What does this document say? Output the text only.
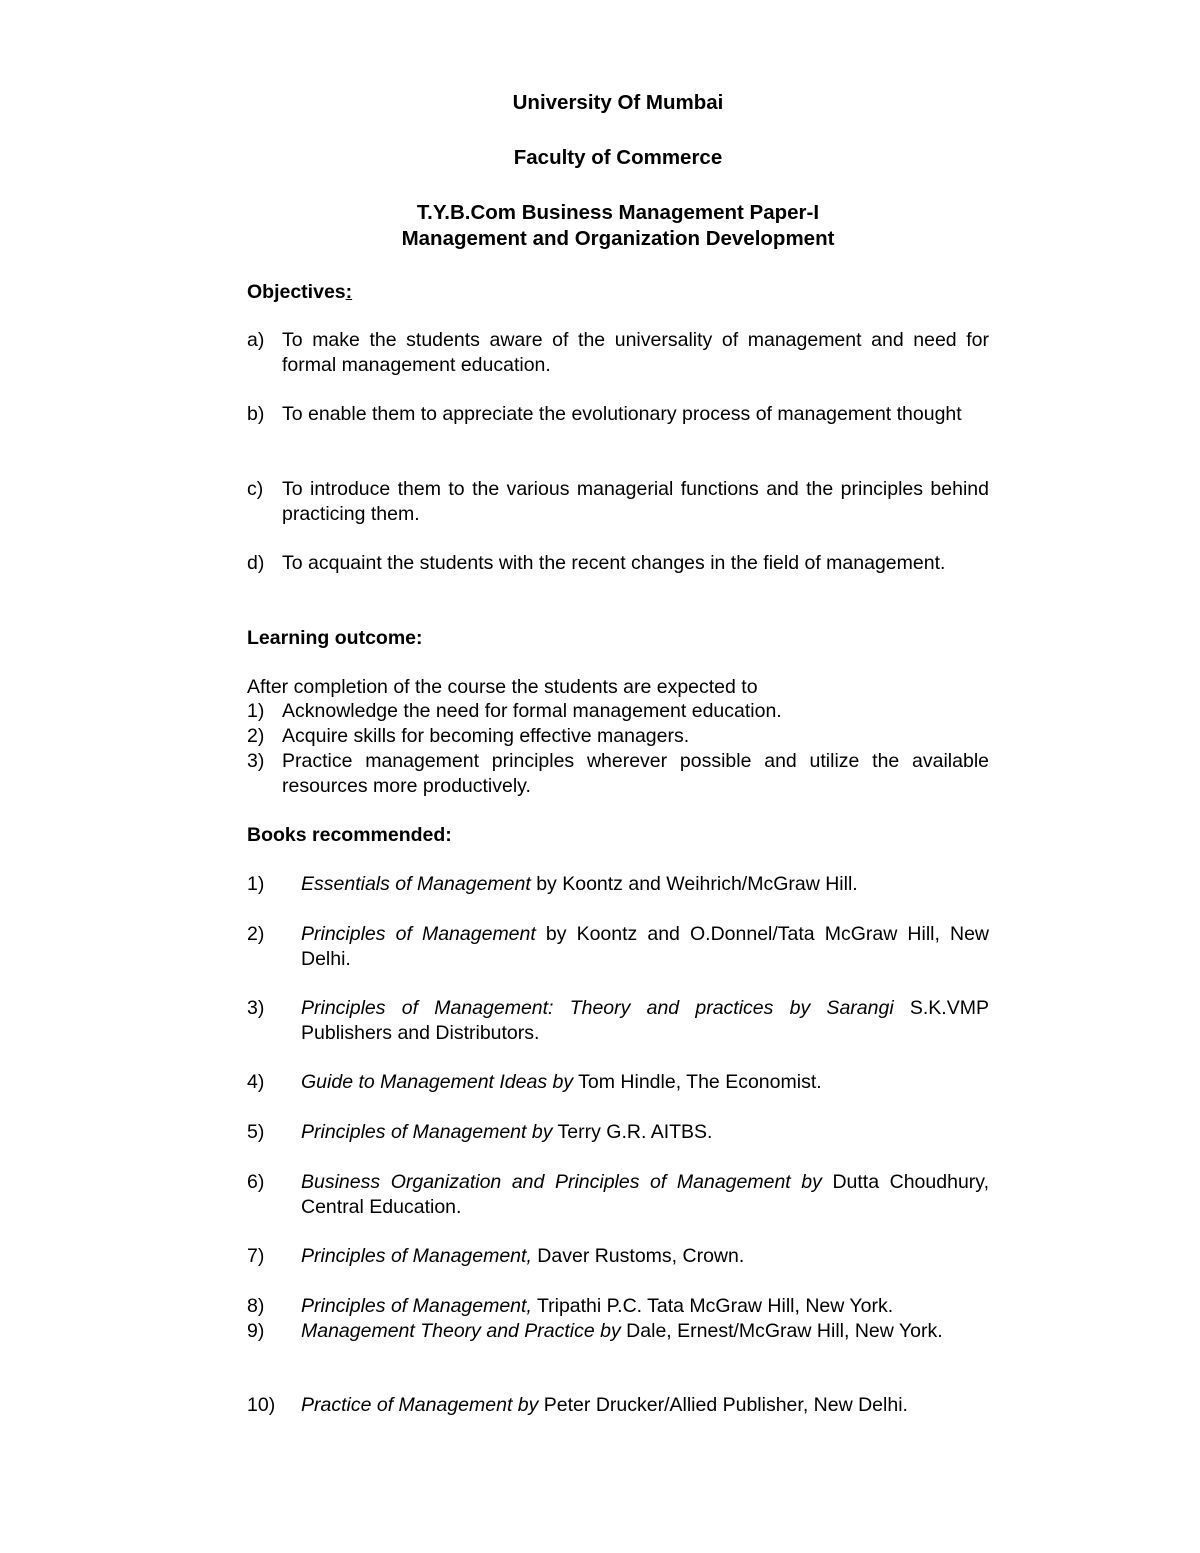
University Of Mumbai
Faculty of Commerce
T.Y.B.Com Business Management Paper-I
Management and Organization Development
Objectives:
a) To make the students aware of the universality of management and need for formal management education.
b) To enable them to appreciate the evolutionary process of management thought
c) To introduce them to the various managerial functions and the principles behind practicing them.
d) To acquaint the students with the recent changes in the field of management.
Learning outcome:
After completion of the course the students are expected to
1) Acknowledge the need for formal management education.
2) Acquire skills for becoming effective managers.
3) Practice management principles wherever possible and utilize the available resources more productively.
Books recommended:
1) Essentials of Management by Koontz and Weihrich/McGraw Hill.
2) Principles of Management by Koontz and O.Donnel/Tata McGraw Hill, New Delhi.
3) Principles of Management: Theory and practices by Sarangi S.K.VMP Publishers and Distributors.
4) Guide to Management Ideas by Tom Hindle, The Economist.
5) Principles of Management by Terry G.R. AITBS.
6) Business Organization and Principles of Management by Dutta Choudhury, Central Education.
7) Principles of Management, Daver Rustoms, Crown.
8) Principles of Management, Tripathi P.C. Tata McGraw Hill, New York.
9) Management Theory and Practice by Dale, Ernest/McGraw Hill, New York.
10) Practice of Management by Peter Drucker/Allied Publisher, New Delhi.
